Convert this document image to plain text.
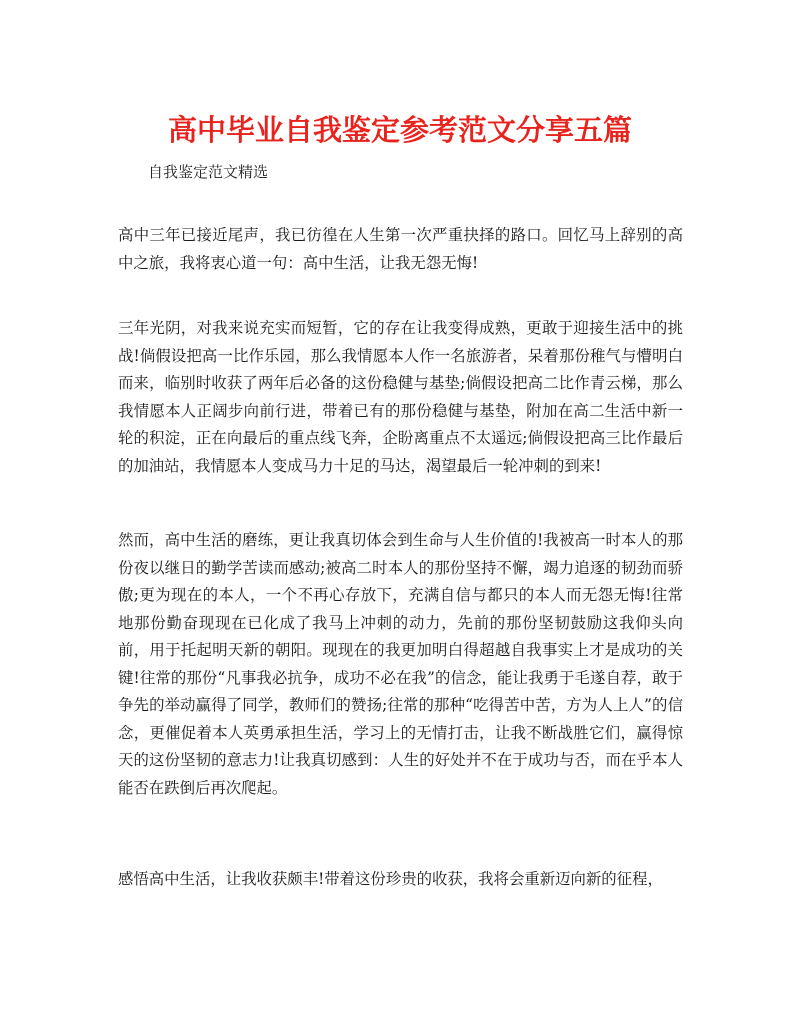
高中毕业自我鉴定参考范文分享五篇

自我鉴定范文精选

高中三年已接近尾声，我已彷徨在人生第一次严重抉择的路口。回忆马上辞别的高中之旅，我将衷心道一句：高中生活，让我无怨无悔!

三年光阴，对我来说充实而短暂，它的存在让我变得成熟，更敢于迎接生活中的挑战!倘假设把高一比作乐园，那么我情愿本人作一名旅游者，呆着那份稚气与懵明白而来，临别时收获了两年后必备的这份稳健与基垫;倘假设把高二比作青云梯，那么我情愿本人正阔步向前行进，带着已有的那份稳健与基垫，附加在高二生活中新一轮的积淀，正在向最后的重点线飞奔，企盼离重点不太遥远;倘假设把高三比作最后的加油站，我情愿本人变成马力十足的马达，渴望最后一轮冲刺的到来!

然而，高中生活的磨练，更让我真切体会到生命与人生价值的!我被高一时本人的那份夜以继日的勤学苦读而感动;被高二时本人的那份坚持不懈，竭力追逐的韧劲而骄傲;更为现在的本人，一个不再心存放下，充满自信与都只的本人而无怨无悔!往常地那份勤奋现现在已化成了我马上冲刺的动力，先前的那份坚韧鼓励这我仰头向前，用于托起明天新的朝阳。现现在的我更加明白得超越自我事实上才是成功的关键!往常的那份“凡事我必抗争，成功不必在我”的信念，能让我勇于毛遂自荐，敢于争先的举动赢得了同学，教师们的赞扬;往常的那种“吃得苦中苦，方为人上人”的信念，更催促着本人英勇承担生活，学习上的无情打击，让我不断战胜它们，赢得惊天的这份坚韧的意志力!让我真切感到：人生的好处并不在于成功与否，而在乎本人能否在跌倒后再次爬起。

感悟高中生活，让我收获颇丰!带着这份珍贵的收获，我将会重新迈向新的征程，
